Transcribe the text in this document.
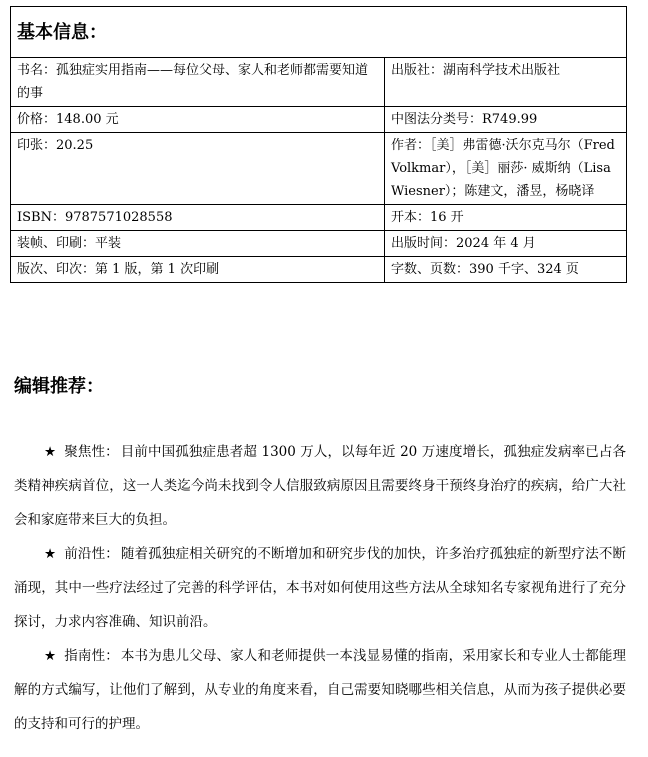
基本信息：	
书名：孤独症实用指南——每位父母、家人和老师都需要知道的事	出版社：湖南科学技术出版社
价格：148.00 元	中图法分类号：R749.99
印张：20.25	作者：［美］弗雷德·沃尔克马尔（Fred Volkmar），［美］丽莎· 威斯纳（Lisa Wiesner）；陈建文，潘昱，杨晓译
ISBN：9787571028558	开本：16 开
装帧、印刷：平装	出版时间：2024 年 4 月
版次、印次：第 1 版，第 1 次印刷	字数、页数：390 千字、324 页
编辑推荐：

★ 聚焦性： 目前中国孤独症患者超 1300 万人，以每年近 20 万速度增长，孤独症发病率已占各类精神疾病首位，这一人类迄今尚未找到令人信服致病原因且需要终身干预终身治疗的疾病，给广大社会和家庭带来巨大的负担。

★ 前沿性： 随着孤独症相关研究的不断增加和研究步伐的加快，许多治疗孤独症的新型疗法不断涌现，其中一些疗法经过了完善的科学评估，本书对如何使用这些方法从全球知名专家视角进行了充分探讨，力求内容准确、知识前沿。

★ 指南性： 本书为患儿父母、家人和老师提供一本浅显易懂的指南，采用家长和专业人士都能理解的方式编写，让他们了解到，从专业的角度来看，自己需要知晓哪些相关信息，从而为孩子提供必要的支持和可行的护理。
